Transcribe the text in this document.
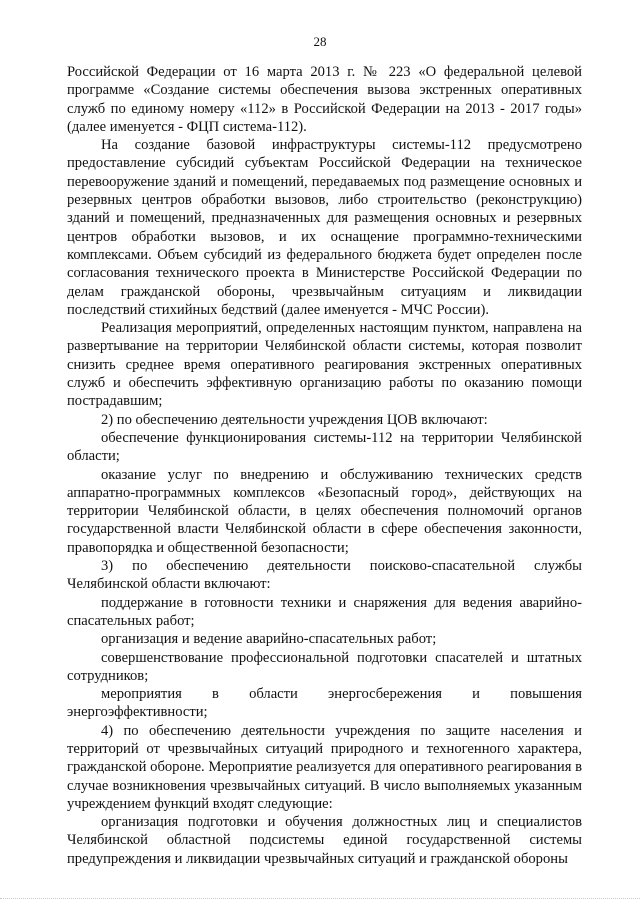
28

Российской Федерации от 16 марта 2013 г. № 223 «О федеральной целевой программе «Создание системы обеспечения вызова экстренных оперативных служб по единому номеру «112» в Российской Федерации на 2013 - 2017 годы» (далее именуется - ФЦП система-112).

На создание базовой инфраструктуры системы-112 предусмотрено предоставление субсидий субъектам Российской Федерации на техническое перевооружение зданий и помещений, передаваемых под размещение основных и резервных центров обработки вызовов, либо строительство (реконструкцию) зданий и помещений, предназначенных для размещения основных и резервных центров обработки вызовов, и их оснащение программно-техническими комплексами. Объем субсидий из федерального бюджета будет определен после согласования технического проекта в Министерстве Российской Федерации по делам гражданской обороны, чрезвычайным ситуациям и ликвидации последствий стихийных бедствий (далее именуется - МЧС России).

Реализация мероприятий, определенных настоящим пунктом, направлена на развертывание на территории Челябинской области системы, которая позволит снизить среднее время оперативного реагирования экстренных оперативных служб и обеспечить эффективную организацию работы по оказанию помощи пострадавшим;

2) по обеспечению деятельности учреждения ЦОВ включают:

обеспечение функционирования системы-112 на территории Челябинской области;

оказание услуг по внедрению и обслуживанию технических средств аппаратно-программных комплексов «Безопасный город», действующих на территории Челябинской области, в целях обеспечения полномочий органов государственной власти Челябинской области в сфере обеспечения законности, правопорядка и общественной безопасности;

3) по обеспечению деятельности поисково-спасательной службы Челябинской области включают:

поддержание в готовности техники и снаряжения для ведения аварийно-спасательных работ;

организация и ведение аварийно-спасательных работ;

совершенствование профессиональной подготовки спасателей и штатных сотрудников;

мероприятия в области энергосбережения и повышения энергоэффективности;

4) по обеспечению деятельности учреждения по защите населения и территорий от чрезвычайных ситуаций природного и техногенного характера, гражданской обороне. Мероприятие реализуется для оперативного реагирования в случае возникновения чрезвычайных ситуаций. В число выполняемых указанным учреждением функций входят следующие:

организация подготовки и обучения должностных лиц и специалистов Челябинской областной подсистемы единой государственной системы предупреждения и ликвидации чрезвычайных ситуаций и гражданской обороны
